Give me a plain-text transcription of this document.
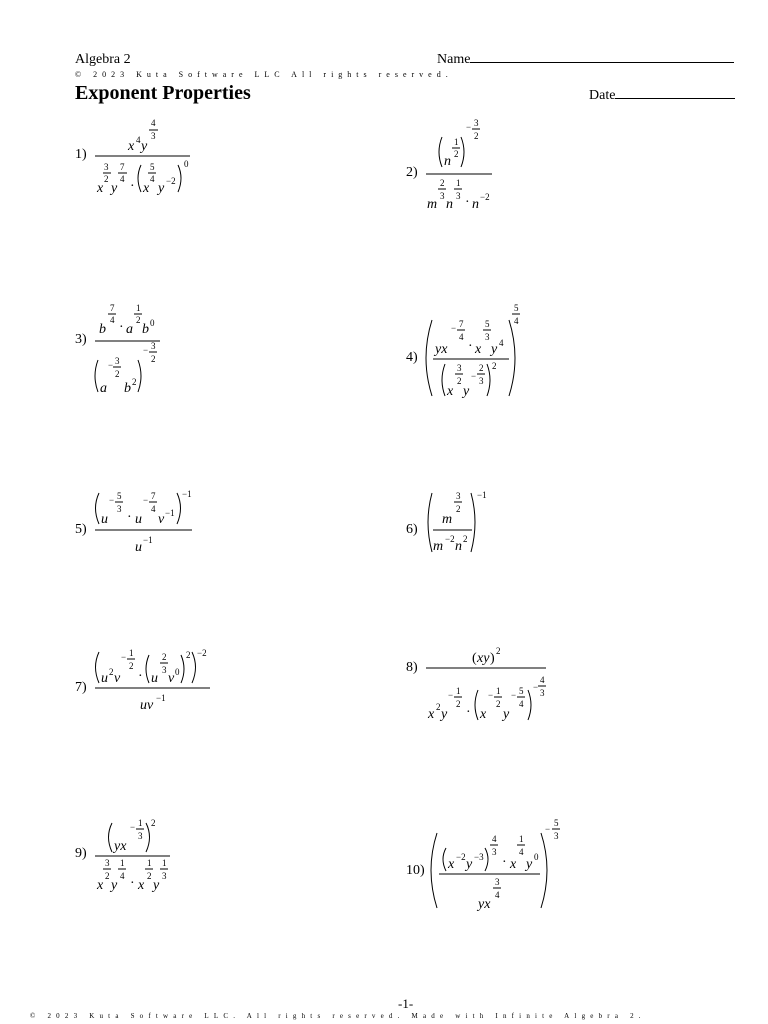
Algebra 2	Name
© 2023 Kuta Software LLC All rights reserved.
Exponent Properties	Date
1)
2)
3)
4)
5)	6)
7)
8)
9)
10)
x 4 y
4
3
x
3
2
y
7
4 ·
5
4
x y −2
0	n
1
2
− 3
2
m
2
3
n
1
3 · n −2
b
7
4 · a
1
2
b 0
a
− 3
2
b 2
− 3
2
yx
− 7
4
· x
5
3
y 4
x
3
2
y
−
2
3
2
5
4
u
− 5
3
· u
− 7
4
v −1
−1
u −1
m
3
2
m −2 n 2
−1
u 2 v
− 1
2
· u
2
3
v 0
2 −2
uv −1
( xy ) 2
x 2 y
− 1
2
· x
− 1
2
y
− 5
4
−
4
3
yx
− 1
3
2
x
3
2
y
1
4 · x
1
2
y
1
3
x −2 y −3
4
3
· x
1
4
y 0
yx
3
4
−
5
3
-1-
© 2023 Kuta Software LLC. All rights reserved. Made with Infinite Algebra 2.
